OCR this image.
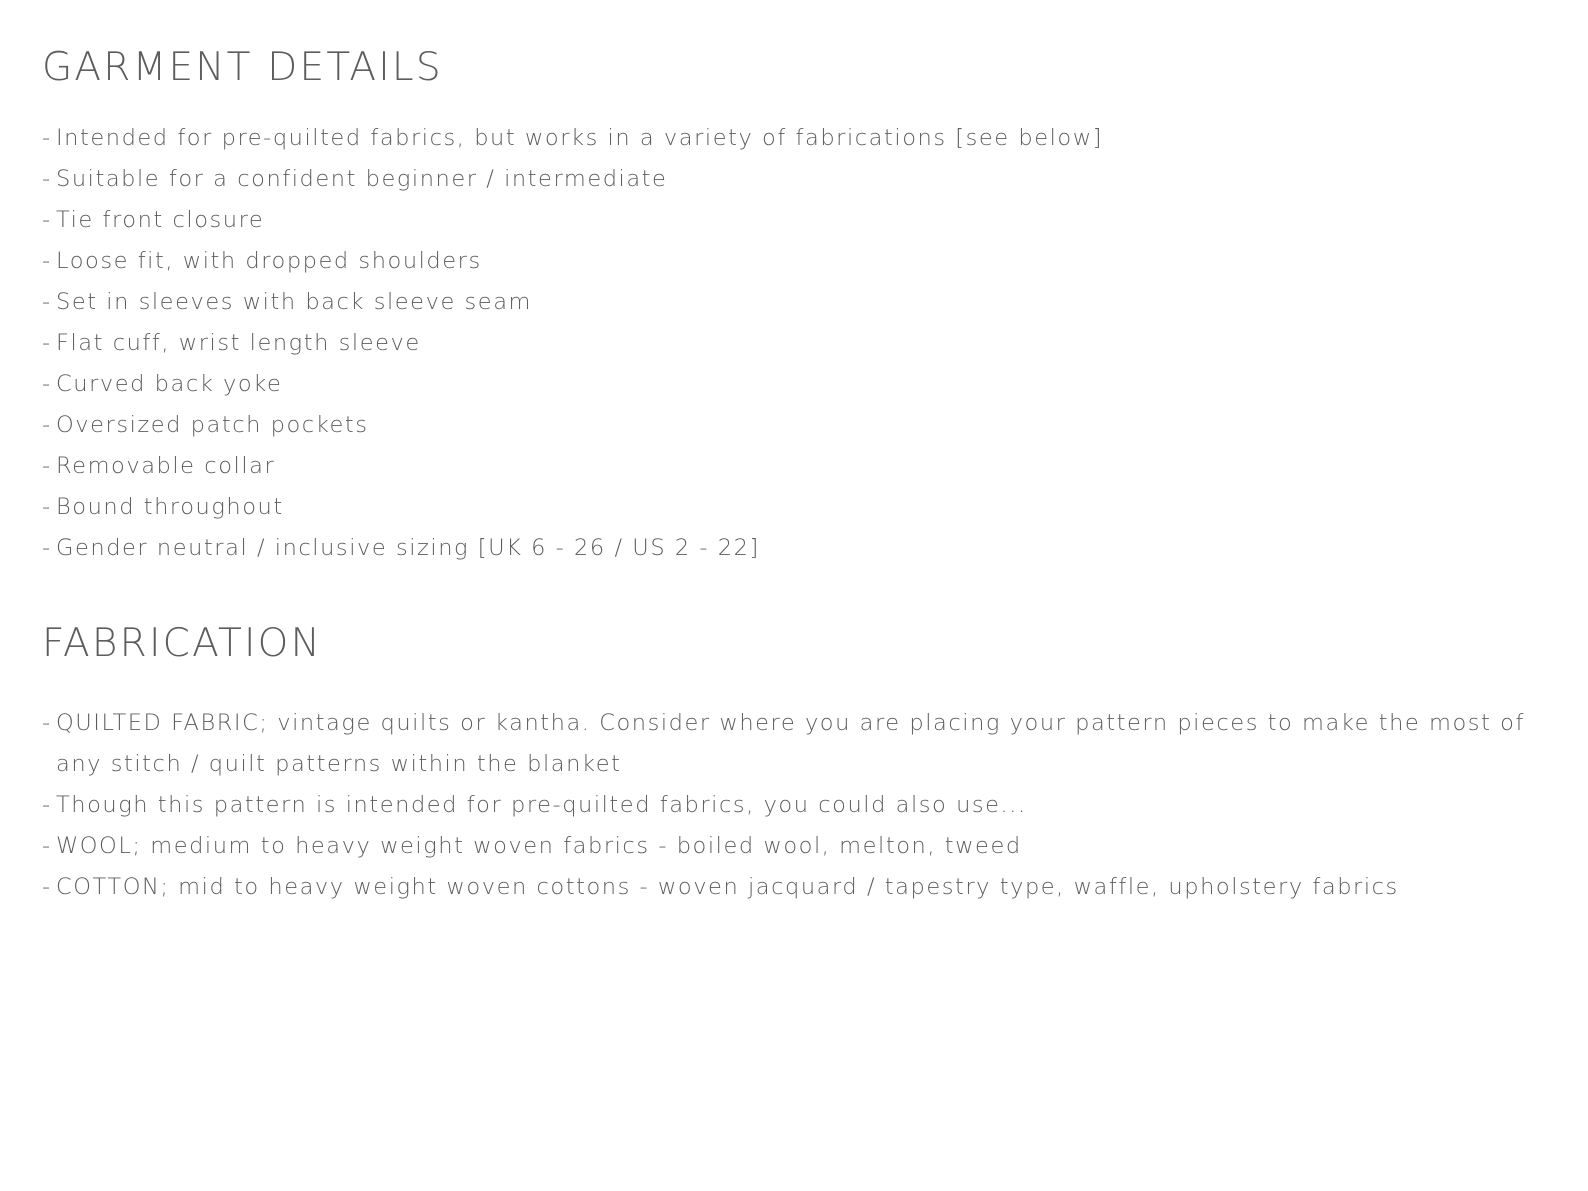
GARMENT DETAILS
- Intended for pre-quilted fabrics, but works in a variety of fabrications [see below]
- Suitable for a confident beginner / intermediate
- Tie front closure
- Loose fit, with dropped shoulders
- Set in sleeves with back sleeve seam
- Flat cuff, wrist length sleeve
- Curved back yoke
- Oversized patch pockets
- Removable collar
- Bound throughout
- Gender neutral / inclusive sizing [UK 6 - 26 / US 2 - 22]
FABRICATION
- QUILTED FABRIC; vintage quilts or kantha. Consider where you are placing your pattern pieces to make the most of any stitch / quilt patterns within the blanket
- Though this pattern is intended for pre-quilted fabrics, you could also use...
- WOOL; medium to heavy weight woven fabrics - boiled wool, melton, tweed
- COTTON; mid to heavy weight woven cottons - woven jacquard / tapestry type, waffle, upholstery fabrics
